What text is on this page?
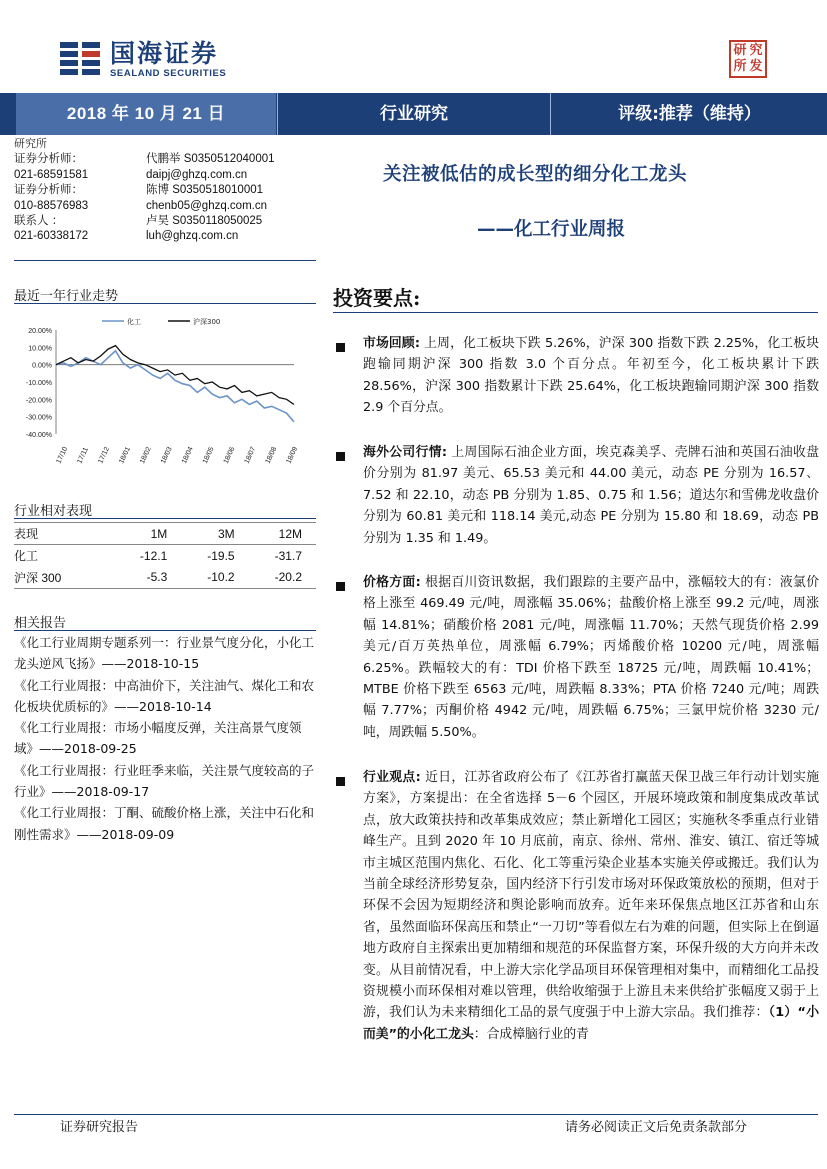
国海证券
SEALAND SECURITIES
研 究
所 发
2018 年 10 月 21 日	行业研究	评级:推荐（维持）
研究所
证券分析师：	代鹏举 S0350512040001
021-68591581	daipj@ghzq.com.cn
证券分析师：	陈博 S0350518010001
010-88576983	chenb05@ghzq.com.cn
联系人 ：	卢昊 S0350118050025
021-60338172	luh@ghzq.com.cn
关注被低估的成长型的细分化工龙头
——化工行业周报
最近一年行业走势
20.00%
10.00%
0.00%
-10.00%
-20.00%
-30.00%
-40.00%
17/10 17/11 17/12 18/01 18/02 18/03 18/04 18/05 18/06 18/07 18/08 18/09
化工	沪深300
行业相对表现
表现	1M	3M	12M
化工	-12.1	-19.5	-31.7
沪深 300	-5.3	-10.2	-20.2
相关报告
《化工行业周期专题系列一：行业景气度分化，小化工龙头逆风飞扬》——2018-10-15
《化工行业周报：中高油价下，关注油气、煤化工和农化板块优质标的》——2018-10-14
《化工行业周报：市场小幅度反弹，关注高景气度领域》——2018-09-25
《化工行业周报：行业旺季来临，关注景气度较高的子行业》——2018-09-17
《化工行业周报：丁酮、硫酸价格上涨，关注中石化和刚性需求》——2018-09-09
投资要点:
市场回顾: 上周，化工板块下跌 5.26%，沪深 300 指数下跌 2.25%，化工板块跑输同期沪深 300 指数 3.0 个百分点。年初至今，化工板块累计下跌 28.56%，沪深 300 指数累计下跌 25.64%，化工板块跑输同期沪深 300 指数 2.9 个百分点。
海外公司行情: 上周国际石油企业方面，埃克森美孚、壳牌石油和英国石油收盘价分别为 81.97 美元、65.53 美元和 44.00 美元，动态 PE 分别为 16.57、7.52 和 22.10，动态 PB 分别为 1.85、0.75 和 1.56；道达尔和雪佛龙收盘价分别为 60.81 美元和 118.14 美元,动态 PE 分别为 15.80 和 18.69，动态 PB 分别为 1.35 和 1.49。
价格方面: 根据百川资讯数据，我们跟踪的主要产品中，涨幅较大的有：液氯价格上涨至 469.49 元/吨，周涨幅 35.06%；盐酸价格上涨至 99.2 元/吨，周涨幅 14.81%；硝酸价格 2081 元/吨，周涨幅 11.70%；天然气现货价格 2.99 美元/百万英热单位，周涨幅 6.79%；丙烯酸价格 10200 元/吨，周涨幅 6.25%。跌幅较大的有：TDI 价格下跌至 18725 元/吨，周跌幅 10.41%；MTBE 价格下跌至 6563 元/吨，周跌幅 8.33%；PTA 价格 7240 元/吨；周跌幅 7.77%；丙酮价格 4942 元/吨，周跌幅 6.75%；三氯甲烷价格 3230 元/吨，周跌幅 5.50%。
行业观点: 近日，江苏省政府公布了《江苏省打赢蓝天保卫战三年行动计划实施方案》，方案提出：在全省选择 5－6 个园区，开展环境政策和制度集成改革试点，放大政策扶持和改革集成效应；禁止新增化工园区；实施秋冬季重点行业错峰生产。且到 2020 年 10 月底前，南京、徐州、常州、淮安、镇江、宿迁等城市主城区范围内焦化、石化、化工等重污染企业基本实施关停或搬迁。我们认为当前全球经济形势复杂，国内经济下行引发市场对环保政策放松的预期，但对于环保不会因为短期经济和舆论影响而放弃。近年来环保焦点地区江苏省和山东省，虽然面临环保高压和禁止“一刀切”等看似左右为难的问题，但实际上在倒逼地方政府自主探索出更加精细和规范的环保监督方案，环保升级的大方向并未改变。从目前情况看，中上游大宗化学品项目环保管理相对集中，而精细化工品投资规模小而环保相对难以管理，供给收缩强于上游且未来供给扩张幅度又弱于上游，我们认为未来精细化工品的景气度强于中上游大宗品。我们推荐：（1）“小而美”的小化工龙头：合成樟脑行业的青
证券研究报告	请务必阅读正文后免责条款部分
